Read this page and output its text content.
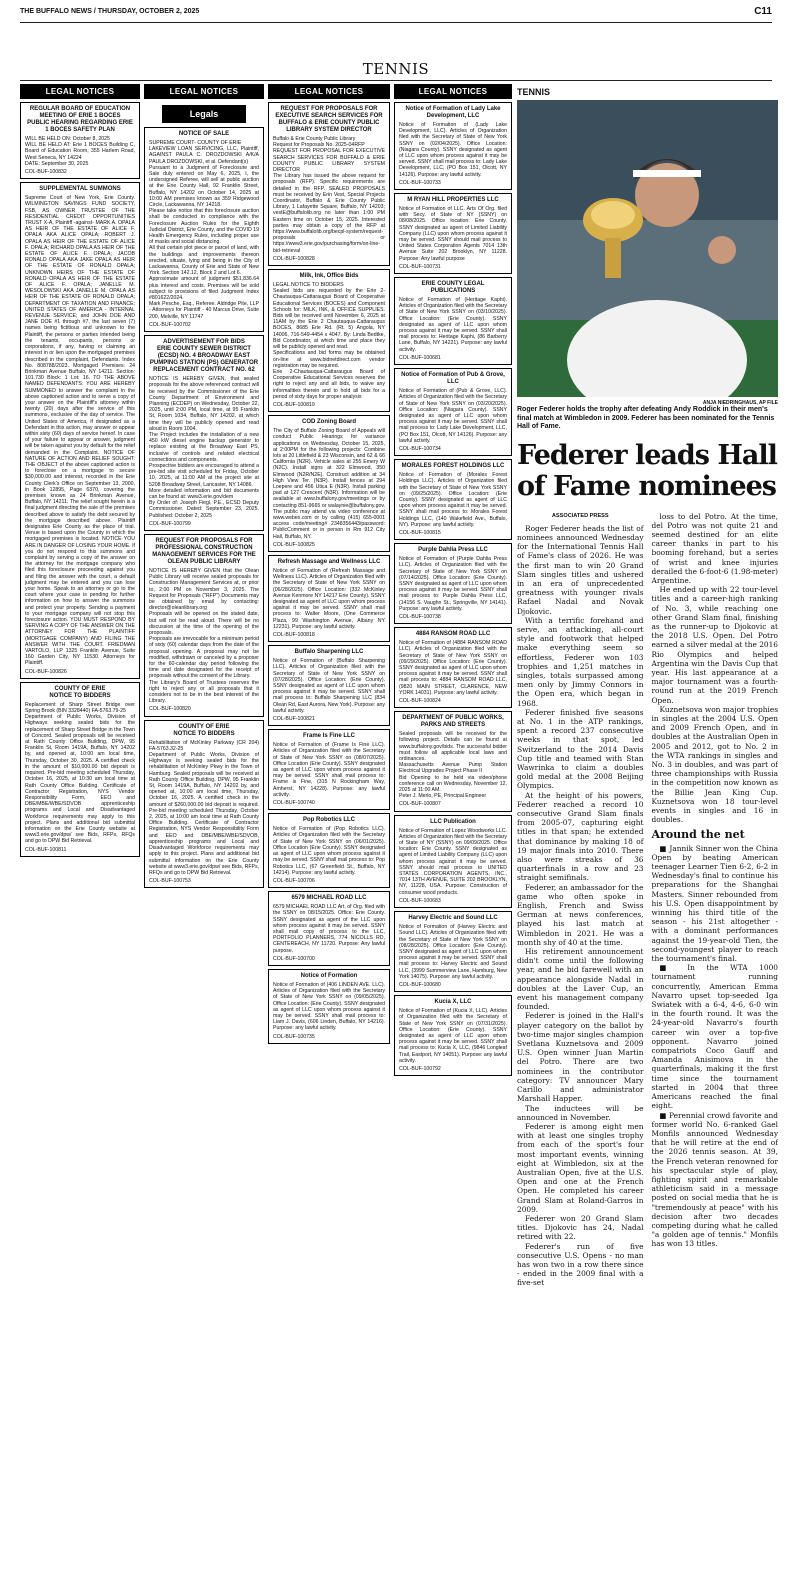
THE BUFFALO NEWS / THURSDAY, OCTOBER 2, 2025	C11
TENNIS
LEGAL NOTICES
REGULAR BOARD OF EDUCATION MEETING OF ERIE 1 BOCES
PUBLIC HEARING REGARDING ERIE 1 BOCES SAFETY PLAN
WILL BE HELD ON: October 8, 2025
WILL BE HELD AT: Erie 1 BOCES Building C, Board of Education Room, 355 Harlem Road, West Seneca, NY 14224
DATE: September 30, 2025
COL-BUF-100832
SUPPLEMENTAL SUMMONS
Supreme Court of New York, Erie County. WILMINGTON SAVINGS FUND SOCIETY, FSB, AS OWNER TRUSTEE OF THE RESIDENTIAL CREDIT OPPORTUNITIES TRUST X-A, Plaintiff -against- MARK A. OPALA AS HEIR OF THE ESTATE OF ALICE F. OPALA AKA ALICE OPALA; ROBERT J. OPALA AS HEIR OF THE ESTATE OF ALICE F. OPALA; RICHARD OPALA AS HEIR OF THE ESTATE OF ALICE F. OPALA; JACOB RONALD OPALA AKA JAKE OPALA AS HEIR OF THE ESTATE OF RONALD OPALA; UNKNOWN HEIRS OF THE ESTATE OF RONALD OPALA AS HEIR OF THE ESTATE OF ALICE F. OPALA; JANELLE M. WESOLOWSKI AKA JANELLE M. OPALA AS HEIR OF THE ESTATE OF RONALD OPALA; DEPARTMENT OF TAXATION AND FINANCE; UNITED STATES OF AMERICA - INTERNAL REVENUE SERVICE; and JOHN DOE AND JANE DOE #1 through #7, the last seven (7) names being fictitious and unknown to the Plaintiff, the persons or parties intended being the tenants, occupants, persons or corporations, if any, having or claiming an interest in or lien upon the mortgaged premises described in the complaint, Defendants. Index No. 808788/2023. Mortgaged Premises: 24 Brinkman Avenue Buffalo, NY 14211. Section: 101.730 Block: 1 Lot: 16. TO THE ABOVE NAMED DEFENDANTS: YOU ARE HEREBY SUMMONED to answer the complaint in the above captioned action and to serve a copy of your answer on the Plaintiff's attorney within twenty (20) days after the service of this summons, exclusive of the day of service. The United States of America, if designated as a Defendant in this action, may answer or appear within sixty (60) days of service hereof. In case of your failure to appear or answer, judgment will be taken against you by default for the relief demanded in the Complaint. NOTICE OF NATURE OF ACTION AND RELIEF SOUGHT: THE OBJECT of the above captioned action is to foreclose on a mortgage to secure $30,000.00 and interest, recorded in the Erie County Clerk's Office on September 13, 2000, in Book 12895, Page 6370, covering the premises known as 24 Brinkman Avenue, Buffalo, NY 14211. The relief sought herein is a final judgment directing the sale of the premises described above to satisfy the debt secured by the mortgage described above. Plaintiff designates Erie County as the place of trial. Venue is based upon the County in which the mortgaged premises is located. NOTICE YOU ARE IN DANGER OF LOSING YOUR HOME. If you do not respond to this summons and complaint by serving a copy of the answer on the attorney for the mortgage company who filed this foreclosure proceeding against you and filing the answer with the court, a default judgment may be entered and you can lose your home. Speak to an attorney or go to the court where your case is pending for further information on how to answer the summons and protect your property. Sending a payment to your mortgage company will not stop this foreclosure action. YOU MUST RESPOND BY SERVING A COPY OF THE ANSWER ON THE ATTORNEY FOR THE PLAINTIFF (MORTGAGE COMPANY) AND FILING THE ANSWER WITH THE COURT. FRIEDMAN VARTOLO, LLP 1325 Franklin Avenue, Suite 160 Garden City, NY 11530. Attorneys for Plaintiff.
COL-BUF-100826
COUNTY OF ERIE
NOTICE TO BIDDERS
Replacement of Sharp Street Bridge over Spring Brook (BIN 3328440) FA-5763.79-25
Department of Public Works, Division of Highways seeking sealed bids for the replacement of Sharp Street Bridge in the Town of Concord. Sealed proposals will be received at Rath County Office Building, DPW, 95 Franklin St, Room 1419A, Buffalo, NY 14202 by, and opened at, 10:00 am local time, Thursday, October 30, 2025. A certified check in the amount of $10,000.00 bid deposit is required. Pre-bid meeting scheduled Thursday, October 16, 2025, at 10:30 am local time at Rath County Office Building. Certificate of Contractor Registration, NYS Vendor Responsibility Form, EEO and DBE/MBE/WBE/SDVOB apprenticeship programs and Local and Disadvantaged Workforce requirements may apply to this project. Plans and additional bid submittal information on the Erie County website at www3.erie.gov/dpw/ see Bids, RFPs, RFQs and go to DPW Bid Retrieval.
COL-BUF-100811
LEGAL NOTICES
Legals
NOTICE OF SALE
SUPREME COURT- COUNTY OF ERIE
LAKEVIEW LOAN SERVICING, LLC, Plaintiff, AGAINST PAULA C. DROZDOWSKI A/K/A PAULA DROZDOWSKI, et al. Defendant(s)
Pursuant to a Judgment of Foreclosure and Sale duly entered on May 6, 2025, I, the undersigned Referee, will sell at public auction at the Erie County Hall, 92 Franklin Street, Buffalo, NY 14202 on October 14, 2025 at 10:00 AM premises known as 359 Ridgewood Circle, Lackawanna, NY 14218.
Please take notice that this foreclosure auction shall be conducted in compliance with the Foreclosure Auction Rules for the Eighth Judicial District, Erie County, and the COVID 19 Health Emergency Rules, including proper use of masks and social distancing.
All that certain plot piece or parcel of land, with the buildings and improvements thereon erected, situate, lying and being in the City of Lackawanna, County of Erie and State of New York. Section 142.12, Block 2 and Lot 6.
Approximate amount of judgment $51,836.64 plus interest and costs. Premises will be sold subject to provisions of filed Judgment Index #801622/2024.
Mark Pesche, Esq., Referee. Aldridge Pite, LLP - Attorneys for Plaintiff - 40 Marcus Drive, Suite 200, Melville, NY 11747
COL-BUF-100702
ADVERTISEMENT FOR BIDS
ERIE COUNTY SEWER DISTRICT (ECSD) NO. 4 BROADWAY EAST PUMPING STATION (PS) GENERATOR REPLACEMENT CONTRACT NO. 62
NOTICE IS HEREBY GIVEN, that sealed proposals for the above referenced contract will be received by the Commissioner of the Erie County Department of Environment and Planning (ECDEP) on Wednesday, October 22, 2025, until 2:00 PM, local time, at 95 Franklin St, Room 1034, Buffalo, NY 14202, at which time they will be publicly opened and read aloud in Room 1004.
The Project includes the installation of a new 450 kW diesel engine backup generator to replace existing at the Broadway East PS, inclusive of controls and related electrical connections and components.
Prospective bidders are encouraged to attend a pre-bid site visit scheduled for Friday, October 10, 2025, at 11:00 AM at the project site at 5208 Broadway Street, Lancaster, NY 14086.
More detailed information and bid documents can be found at: www3.erie.gov/dem
By Order of: Joseph Fiegl, P.E., ECSD Deputy Commissioner. Dated: September 23, 2025. Published: October 2, 2025
COL-BUF-100799
REQUEST FOR PROPOSALS FOR PROFESSIONAL CONSTRUCTION MANAGEMENT SERVICES FOR THE OLEAN PUBLIC LIBRARY
NOTICE IS HEREBY GIVEN that the Olean Public Library will receive sealed proposals for Construction Management Services at, or prior to, 2:00 PM on November 3, 2025. The Request for Proposals ("RFP") Documents may be obtained by email by contacting: director@oleanlibrary.org
Proposals will be opened on the stated date, but will not be read aloud. There will be no discussion at the time of the opening of the proposals.
Proposals are irrevocable for a minimum period of sixty (60) calendar days from the date of the proposal opening. A proposal may not be modified, withdrawn or canceled by a proposer for the 60-calendar day period following the time and date designated for the receipt of proposals without the consent of the Library.
The Library's Board of Trustees reserves the right to reject any or all proposals that it considers not to be in the best interest of the Library.
COL-BUF-100820
COUNTY OF ERIE
NOTICE TO BIDDERS
Rehabilitation of McKinley Parkway (CR 204) FA-5763.32-25
Department of Public Works, Division of Highways is seeking sealed bids for the rehabilitation of McKinley Pkwy in the Town of Hamburg. Sealed proposals will be received at Rath County Office Building, DPW, 95 Franklin St, Room 1419A, Buffalo, NY 14202 by, and opened at, 10:00 am local time, Thursday, October 16, 2025. A certified check in the amount of $260,000.00 bid deposit is required. Pre-bid meeting scheduled Thursday, October 2, 2025, at 10:00 am local time at Rath County Office Building. Certificate of Contractor Registration, NYS Vendor Responsibility Form and EEO and DBE/MBE/WBE/SDVOB, apprenticeship programs and Local and Disadvantaged Workforce requirements may apply to this project. Plans and additional bid submittal information on the Erie County website at www3.erie.gov/dpw/ see Bids, RFPs, RFQs and go to DPW Bid Retrieval.
COL-BUF-100753
LEGAL NOTICES
REQUEST FOR PROPOSALS FOR EXECUTIVE SEARCH SERVICES FOR BUFFALO & ERIE COUNTY PUBLIC LIBRARY SYSTEM DIRECTOR
Buffalo & Erie County Public Library
Request for Proposals No. 2025-04RFP
REQUEST FOR PROPOSAL FOR EXECUTIVE SEARCH SERVICES FOR BUFFALO & ERIE COUNTY PUBLIC LIBRARY SYSTEM DIRECTOR
The Library has issued the above request for proposals (RFP). Specific requirements are detailed in the RFP. SEALED PROPOSALS must be received by Erin Vest, Special Projects Coordinator, Buffalo & Erie County Public Library, 1 Lafayette Square, Buffalo, NY 14203; vestE@buffalolib.org no later than 1:00 PM Eastern time on October 15, 2025. Interested parties may obtain a copy of the RFP at https://www.buffalolib.org/becpl-system/request-proposals or https://www3.erie.gov/purchasing/form/on-line-bid-retrieval
COL-BUF-100828
Milk, Ink, Office Bids
LEGAL NOTICE TO BIDDERS
Sealed bids are requested by the Erie 2-Chautauqua-Cattaraugus Board of Cooperative Educational Services (BOCES) and Component Schools for: MILK, INK, & OFFICE SUPPLIES. Bids will be received until November 6, 2025 at 11AM by the Erie 2 Chautauqua-Cattaraugus BOCES, 8685 Erie Rd. (Rt. 5) Angola, NY 14006, 716-549-4454 x 4047. By: Linda Bedtke, Bid Coordinator, at which time and place they will be publicly opened and read.
Specifications and bid forms may be obtained on-line at www.bidnetdirect.com vendor registration may be required.
Erie 2-Chautauqua-Cattaraugus Board of Cooperative Educational Services reserves the right to reject any and all bids, to waive any informalities therein and to hold all bids for a period of sixty days for proper analysis
COL-BUF-100819
COD Zoning Board
The City of Buffalo Zoning Board of Appeals will conduct Public Hearings for variance applications on Wednesday, October 15, 2025, at 2:00PM for the following projects: Combine lots at 20 Littlefield & 23 Wisconsin, and 62 & 66 California (N2R). Vehicle sales at 255 Emery W (N2C). Install signs at 322 Elmwood, 350 Elmwood (N2R/N2E). Construct addition at 34 High View Ter. (N3R). Install fences at 294 Loepere and 456 Utica E (N3R). Install parking pad at 127 Crescent (N3R). Information will be available at www.buffalony.gov/meetings or by contacting 851-9665 or walaynie@buffalony.gov. The public may attend via video conference at www.webex.com or by calling (415) 655-0001 access code/meeting# 2348356443/password: PublicComment or in person in Rm 912 City Hall, Buffalo, NY.
COL-BUF-100825
Refresh Massage and Wellness LLC
Notice of Formation of (Refresh Massage and Wellness LLC). Articles of Organization filed with the Secretary of State of New York SSNY on (06/28/2025). Office Location: (332 McKinley Avenue Kenmore NY 14217 Erie County). SSNY designated as agent of LLC upon whom process against it may be served. SSNY shall mail process to: Walter Moore, (One Commerce Plaza, 99 Washington Avenue, Albany NY 12231). Purpose: any lawful activity.
COL-BUF-100818
Buffalo Sharpening LLC
Notice of Formation of (Buffalo Sharpening LLC). Articles of Organization filed with the Secretary of State of New York SSNY on (07/28/2025). Office Location: (Erie County). SSNY designated as agent of LLC upon whom process against it may be served. SSNY shall mail process to: Buffalo Sharpening LLC (834 Olean Rd, East Aurora, New York). Purpose: any lawful activity.
COL-BUF-100821
Frame Is Fine LLC
Notice of Formation of (Frame Is Fine LLC). Articles of Organization filed with the Secretary of State of New York SSNY on (08/07/2025). Office Location (Erie County). SSNY designated as agent of LLC upon whom process against it may be served. SSNY shall mail process to: Frame is Fine, (315 N Rockingham Way, Amherst, NY 14228). Purpose: any lawful activity.
COL-BUF-100740
Pop Robotics LLC
Notice of Formation of (Pop Robotics LLC). Articles of Organization filed with the Secretary of State of New York SSNY on (06/01/2025). Office Location (Erie County). SSNY designated as agent of LLC upon whom process against it may be served. SSNY shall mail process to: Pop Robotics LLC, (67 Greenfield St., Buffalo, NY 14214). Purpose: any lawful activity.
COL-BUF-100706
6579 MICHAEL ROAD LLC
6579 MICHAEL ROAD LLC Art. of Org. filed with the SSNY on 08/15/2025. Office: Erie County. SSNY designated as agent of the LLC upon whom process against it may be served. SSNY shall mail copy of process to the LLC, PORTFOLIO PLANNERS, 774 NICOLLS RD, CENTEREACH, NY 11720. Purpose: Any lawful purpose.
COL-BUF-100700
Notice of Formation
Notice of Formation of (406 LINDEN AVE. LLC). Articles of Organization filed with the Secretary of State of New York SSNY on (09/05/2025). Office Location: (Erie County). SSNY designated as agent of LLC upon whom process against it may be served. SSNY shall mail process to: Liam J. Davis, (606 Linden, Buffalo, NY 14216). Purpose: any lawful activity.
COL-BUF-100735
LEGAL NOTICES
Notice of Formation of Lady Lake Development, LLC
Notice of Formation of (Lady Lake Development, LLC). Articles of Organization filed with the Secretary of State of New York SSNY on (02/04/2025). Office Location: (Niagara County). SSNY designated as agent of LLC upon whom process against it may be served. SSNY shall mail process to: Lady Lake Development, LLC, (PO Box 151, Olcott, NY 14126). Purpose: any lawful activity.
COL-BUF-100733
M RYAN HILL PROPERTIES LLC
Notice of Formation of LLC. Arts Of Org. filed with Secy. of State of NY (SSNY) on 08/08/2025. Office location: Erie County. SSNY designated as agent of Limited Liability Company (LLC) upon whom process against it may be served. SSNY should mail process to United States Corporation Agents 7014 13th Avenue Suite 202 Brooklyn, NY 11228. Purpose: Any lawful purpose
COL-BUF-100731
ERIE COUNTY LEGAL PUBLICATIONS
Notice of Formation of (Heritage Kaphi). Articles of Organization filed with the Secretary of State of New York SSNY on (03/10/2025). Office Location: (Erie County). SSNY designated as agent of LLC upon whom process against it may be served. SSNY shall mail process to: Heritage Kaphi, (86 Barberry Lane, Buffalo, NY 14221). Purpose: any lawful activity.
COL-BUF-100681
Notice of Formation of Pub & Grove, LLC
Notice of Formation of (Pub & Grove, LLC). Articles of Organization filed with the Secretary of State of New York SSNY on (03/20/2025). Office Location: (Niagara County). SSNY designated as agent of LLC upon whom process against it may be served. SSNY shall mail process to: Lady Lake Development, LLC, (PO Box 151, Olcott, NY 14126). Purpose: any lawful activity.
COL-BUF-100734
MORALES FOREST HOLDINGS LLC
Notice of Formation of (Morales Forest Holdings LLC). Articles of Organization filed with the Secretary of State of New York SSNY on (09/25/2025). Office Location: (Erie County). SSNY designated as agent of LLC upon whom process against it may be served. SSNY shall mail process to: Morales Forest Holdings LLC, (140 Wakefield Ave., Buffalo, NY). Purpose: any lawful activity.
COL-BUF-100815
Purple Dahlia Press LLC
Notice of Formation of (Purple Dahlia Press LLC). Articles of Organization filed with the Secretary of State of New York SSNY on (07/14/2025). Office Location: (Erie County). SSNY designated as agent of LLC upon whom process against it may be served. SSNY shall mail process to: Purple Dahlia Press LLC, (14156 S. Vaughn St., Springville, NY 14141). Purpose: any lawful activity.
COL-BUF-100738
4884 RANSOM ROAD LLC
Notice of Formation of (4884 RANSOM ROAD LLC). Articles of Organization filed with the Secretary of State of New York SSNY on (09/29/2025). Office Location: (Erie County). SSNY designated as agent of LLC upon whom process against it may be served. SSNY shall mail process to: 4884 RANSOM ROAD LLC, (9820 MAIN STREET, CLARENCE, NEW YORK 14031). Purpose: any lawful activity.
COL-BUF-100824
DEPARTMENT OF PUBLIC WORKS, PARKS AND STREETS
Sealed proposals will be received for the following project. Details can be found at www.buffalony.gov/bids. The successful bidder must follow all applicable local laws and ordinances.
Massachusetts Avenue Pump Station Electrical Upgrades Project Phase II
Bid Opening to be held via video/phone conference call on Wednesday, November 12, 2025 at 11:00 AM.
Peter J. Merlo, PE, Principal Engineer
COL-BUF-100807
LLC Publication
Notice of Formation of Lopez Woodworks LLC. Articles of Organization filed with the Secretary of State of NY (SSNY) on 09/09/2025. Office location: Erie County. SSNY designated as agent of Limited Liability Company (LLC) upon whom process against it may be served. SSNY should mail process to UNITED STATES CORPORATION AGENTS, INC., 7014 13TH AVENUE, SUITE 202 BROOKLYN, NY, 11228, USA. Purpose: Construction of consumer wood products.
COL-BUF-100683
Harvey Electric and Sound LLC
Notice of Formation of (Harvey Electric and Sound LLC). Articles of Organization filed with the Secretary of State of New York SSNY on (08/28/2025). Office Location: (Erie County). SSNY designated as agent of LLC upon whom process against it may be served. SSNY shall mail process to: Harvey Electric and Sound LLC, (3999 Summerview Lane, Hamburg, New York 14075). Purpose: any lawful activity.
COL-BUF-100680
Kucia X, LLC
Notice of Formation of (Kucia X, LLC). Articles of Organization filed with the Secretary of State of New York SSNY on (07/31/2025). Office Location: (Erie County). SSNY designated as agent of LLC upon whom process against it may be served. SSNY shall mail process to: Kucia X, LLC, (9846 Longleaf Trail, Eastport, NY 14051). Purpose: any lawful activity.
COL-BUF-100792
TENNIS
ANJA NIEDRINGHAUS, AP FILE
Roger Federer holds the trophy after defeating Andy Roddick in their men's final match at Wimbledon in 2009. Federer has been nominated for the Tennis Hall of Fame.
Federer leads Hall of Fame nominees
ASSOCIATED PRESS

Roger Federer heads the list of nominees announced Wednesday for the International Tennis Hall of Fame's class of 2026. He was the first man to win 20 Grand Slam singles titles and ushered in an era of unprecedented greatness with younger rivals Rafael Nadal and Novak Djokovic.

With a terrific forehand and serve, an attacking, all-court style and footwork that helped make everything seem so effortless, Federer won 103 trophies and 1,251 matches in singles, totals surpassed among men only by Jimmy Connors in the Open era, which began in 1968.

Federer finished five seasons at No. 1 in the ATP rankings, spent a record 237 consecutive weeks in that spot, led Switzerland to the 2014 Davis Cup title and teamed with Stan Wawrinka to claim a doubles gold medal at the 2008 Beijing Olympics.

At the height of his powers, Federer reached a record 10 consecutive Grand Slam finals from 2005-07, capturing eight titles in that span; he extended that dominance by making 18 of 19 major finals into 2010. There also were streaks of 36 quarterfinals in a row and 23 straight semifinals.

Federer, an ambassador for the game who often spoke in English, French and Swiss German at news conferences, played his last match at Wimbledon in 2021. He was a month shy of 40 at the time.

His retirement announcement didn't come until the following year, and he bid farewell with an appearance alongside Nadal in doubles at the Laver Cup, an event his management company founded.

Federer is joined in the Hall's player category on the ballot by two-time major singles champion Svetlana Kuznetsova and 2009 U.S. Open winner Juan Martin del Potro. There are two nominees in the contributor category: TV announcer Mary Carillo and administrator Marshall Happer.

The inductees will be announced in November.

Federer is among eight men with at least one singles trophy from each of the sport's four most important events, winning eight at Wimbledon, six at the Australian Open, five at the U.S. Open and one at the French Open. He completed his career Grand Slam at Roland-Garros in 2009.

Federer won 20 Grand Slam titles. Djokovic has 24, Nadal retired with 22.

Federer's run of five consecutive U.S. Opens - no man has won two in a row there since - ended in the 2009 final with a five-set

loss to del Potro. At the time, del Potro was not quite 21 and seemed destined for an elite career thanks in part to his booming forehand, but a series of wrist and knee injuries derailed the 6-foot-6 (1.98-meter) Argentine.

He ended up with 22 tour-level titles and a career-high ranking of No. 3, while reaching one other Grand Slam final, finishing as the runner-up to Djokovic at the 2018 U.S. Open. Del Potro earned a silver medal at the 2016 Rio Olympics and helped Argentina win the Davis Cup that year. His last appearance at a major tournament was a fourth-round run at the 2019 French Open.

Kuznetsova won major trophies in singles at the 2004 U.S. Open and 2009 French Open, and in doubles at the Australian Open in 2005 and 2012, got to No. 2 in the WTA rankings in singles and No. 3 in doubles, and was part of three championships with Russia in the competition now known as the Billie Jean King Cup. Kuznetsova won 18 tour-level events in singles and 16 in doubles.

Around the net

■ Jannik Sinner won the China Open by beating American teenager Learner Tien 6-2, 6-2 in Wednesday's final to continue his preparations for the Shanghai Masters. Sinner rebounded from his U.S. Open disappointment by winning his third title of the season - his 21st altogether - with a dominant performances against the 19-year-old Tien, the second-youngest player to reach the tournament's final.

■ In the WTA 1000 tournament running concurrently, American Emma Navarro upset top-seeded Iga Swiatek with a 6-4, 4-6, 6-0 win in the fourth round. It was the 24-year-old Navarro's fourth career win over a top-five opponent. Navarro joined compatriots Coco Gauff and Amanda Anisimova in the quarterfinals, making it the first time since the tournament started in 2004 that three Americans reached the final eight.

■ Perennial crowd favorite and former world No. 6-ranked Gael Monfils announced Wednesday that he will retire at the end of the 2026 tennis season. At 39, the French veteran renowned for his spectacular style of play, fighting spirit and remarkable athleticism said in a message posted on social media that he is "tremendously at peace" with his decision after two decades competing during what he called "a golden age of tennis." Monfils has won 13 titles.
